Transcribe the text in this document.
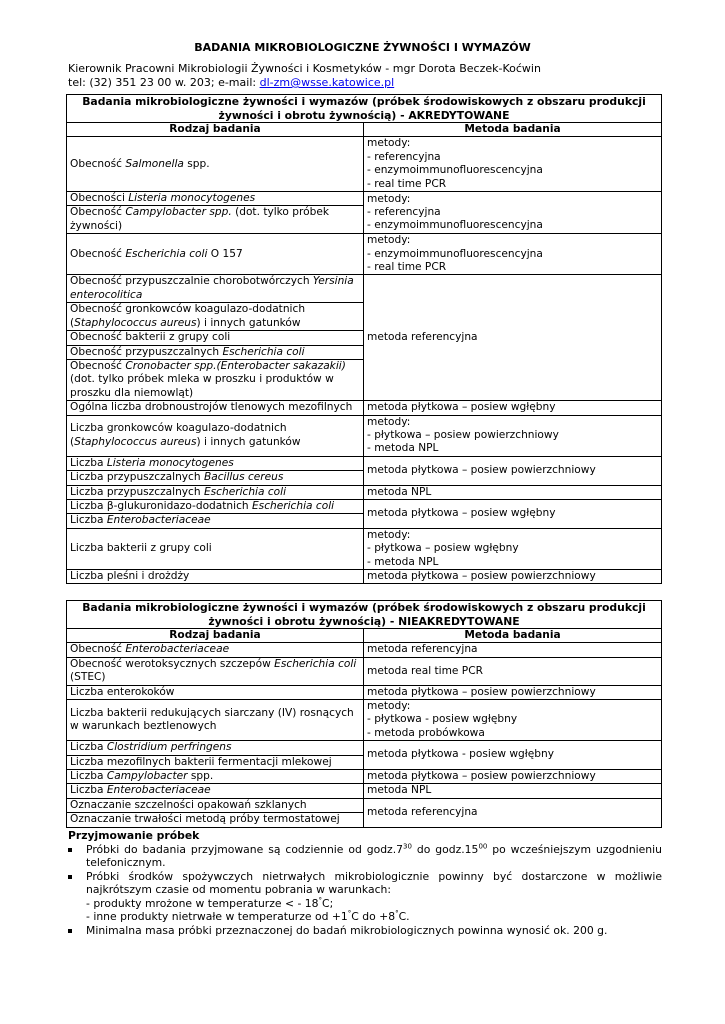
BADANIA MIKROBIOLOGICZNE ŻYWNOŚCI I WYMAZÓW
Kierownik Pracowni Mikrobiologii Żywności i Kosmetyków - mgr Dorota Beczek-Koćwin
tel: (32) 351 23 00 w. 203; e-mail: dl-zm@wsse.katowice.pl
Badania mikrobiologiczne żywności i wymazów (próbek środowiskowych z obszaru produkcji żywności i obrotu żywnością) - AKREDYTOWANE	
Rodzaj badania	Metoda badania
Obecność Salmonella spp.	metody:
- referencyjna
- enzymoimmunofluorescencyjna
- real time PCR

Obecności Listeria monocytogenes	metody:
- referencyjna
- enzymoimmunofluorescencyjna

Obecność Campylobacter spp. (dot. tylko próbek żywności)	
Obecność Escherichia coli O 157	metody:
- enzymoimmunofluorescencyjna
- real time PCR

Obecność przypuszczalnie chorobotwórczych Yersinia enterocolitica	metoda referencyjna
Obecność gronkowców koagulazo-dodatnich (Staphylococcus aureus) i innych gatunków	
Obecność bakterii z grupy coli	
Obecność przypuszczalnych Escherichia coli	
Obecność Cronobacter spp.(Enterobacter sakazakii) (dot. tylko próbek mleka w proszku i produktów w proszku dla niemowląt)	
Ogólna liczba drobnoustrojów tlenowych mezofilnych	metoda płytkowa – posiew wgłębny
Liczba gronkowców koagulazo-dodatnich (Staphylococcus aureus) i innych gatunków	metody:
- płytkowa – posiew powierzchniowy
- metoda NPL

Liczba Listeria monocytogenes	metoda płytkowa – posiew powierzchniowy
Liczba przypuszczalnych Bacillus cereus	
Liczba przypuszczalnych Escherichia coli	metoda NPL
Liczba β-glukuronidazo-dodatnich Escherichia coli	metoda płytkowa – posiew wgłębny
Liczba Enterobacteriaceae	
Liczba bakterii z grupy coli	metody:
- płytkowa – posiew wgłębny
- metoda NPL

Liczba pleśni i drożdży	metoda płytkowa – posiew powierzchniowy
Badania mikrobiologiczne żywności i wymazów (próbek środowiskowych z obszaru produkcji żywności i obrotu żywnością) - NIEAKREDYTOWANE	
Rodzaj badania	Metoda badania
Obecność Enterobacteriaceae	metoda referencyjna
Obecność werotoksycznych szczepów Escherichia coli (STEC)	metoda real time PCR
Liczba enterokoków	metoda płytkowa – posiew powierzchniowy
Liczba bakterii redukujących siarczany (IV) rosnących w warunkach beztlenowych	metody:
- płytkowa - posiew wgłębny
- metoda probówkowa

Liczba Clostridium perfringens	metoda płytkowa - posiew wgłębny
Liczba mezofilnych bakterii fermentacji mlekowej	
Liczba Campylobacter spp.	metoda płytkowa – posiew powierzchniowy
Liczba Enterobacteriaceae	metoda NPL
Oznaczanie szczelności opakowań szklanych	metoda referencyjna
Oznaczanie trwałości metodą próby termostatowej	
Przyjmowanie próbek
Próbki do badania przyjmowane są codziennie od $godz.7^{30}$ do $godz.15^{00}$ po wcześniejszym uzgodnieniu telefonicznym.
Próbki środków spożywczych nietrwałych mikrobiologicznie powinny być dostarczone w możliwie najkrótszym czasie od momentu pobrania w warunkach:
- produkty mrożone w temperaturze < - 18°C;
- inne produkty nietrwałe w temperaturze od +1°C do +8°C.
Minimalna masa próbki przeznaczonej do badań mikrobiologicznych powinna wynosić ok. 200 g.
